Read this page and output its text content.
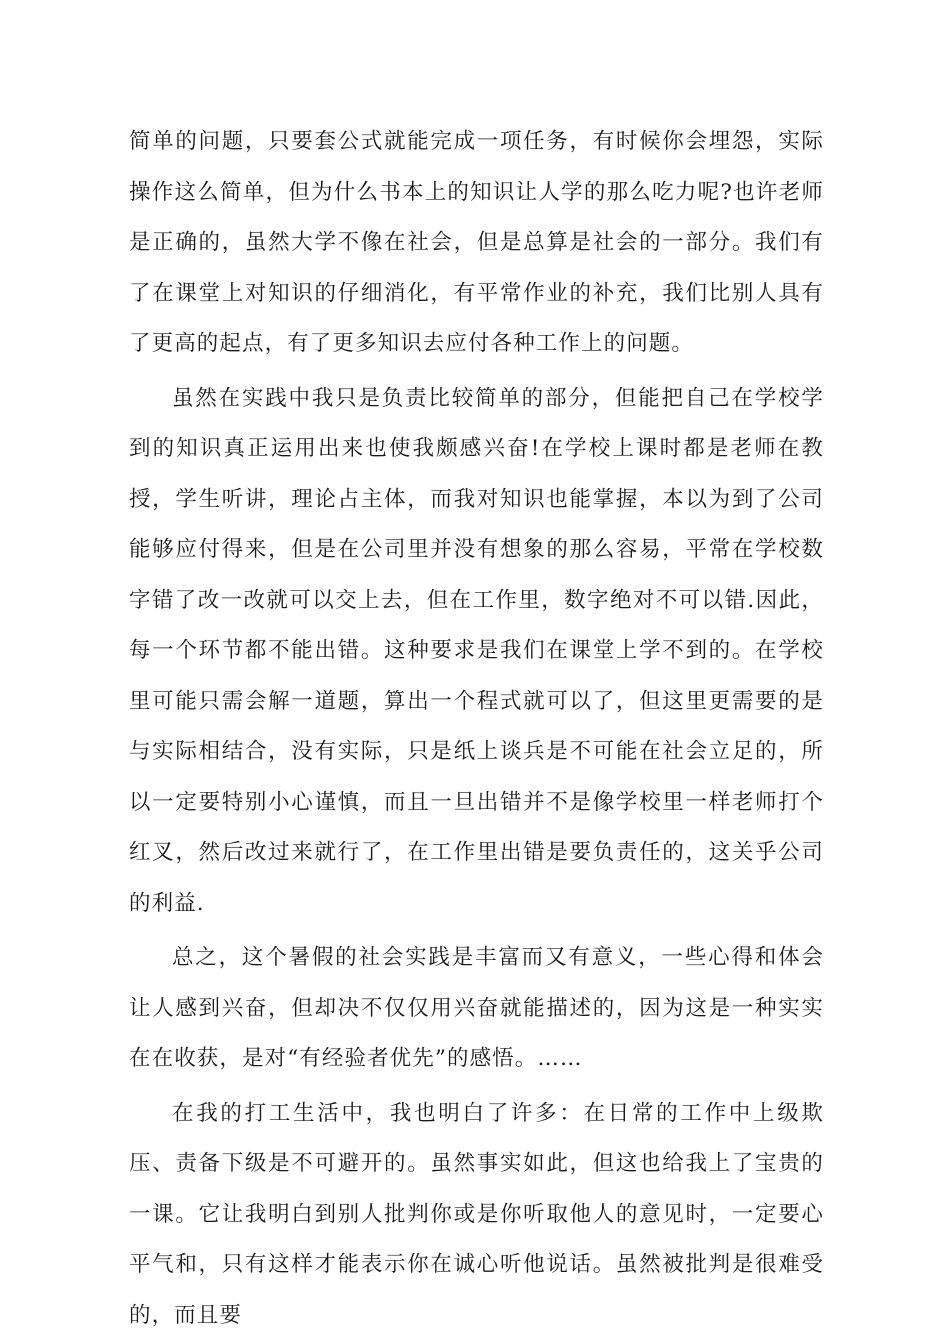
简单的问题，只要套公式就能完成一项任务，有时候你会埋怨，实际操作这么简单，但为什么书本上的知识让人学的那么吃力呢?也许老师是正确的，虽然大学不像在社会，但是总算是社会的一部分。我们有了在课堂上对知识的仔细消化，有平常作业的补充，我们比别人具有了更高的起点，有了更多知识去应付各种工作上的问题。

虽然在实践中我只是负责比较简单的部分，但能把自己在学校学到的知识真正运用出来也使我颇感兴奋!在学校上课时都是老师在教授，学生听讲，理论占主体，而我对知识也能掌握，本以为到了公司能够应付得来，但是在公司里并没有想象的那么容易，平常在学校数字错了改一改就可以交上去，但在工作里，数字绝对不可以错.因此，每一个环节都不能出错。这种要求是我们在课堂上学不到的。在学校里可能只需会解一道题，算出一个程式就可以了，但这里更需要的是与实际相结合，没有实际，只是纸上谈兵是不可能在社会立足的，所以一定要特别小心谨慎，而且一旦出错并不是像学校里一样老师打个红叉，然后改过来就行了，在工作里出错是要负责任的，这关乎公司的利益.

总之，这个暑假的社会实践是丰富而又有意义，一些心得和体会让人感到兴奋，但却决不仅仅用兴奋就能描述的，因为这是一种实实在在收获，是对“有经验者优先”的感悟。……

在我的打工生活中，我也明白了许多：在日常的工作中上级欺压、责备下级是不可避开的。虽然事实如此，但这也给我上了宝贵的一课。它让我明白到别人批判你或是你听取他人的意见时，一定要心平气和，只有这样才能表示你在诚心听他说话。虽然被批判是很难受的，而且要
